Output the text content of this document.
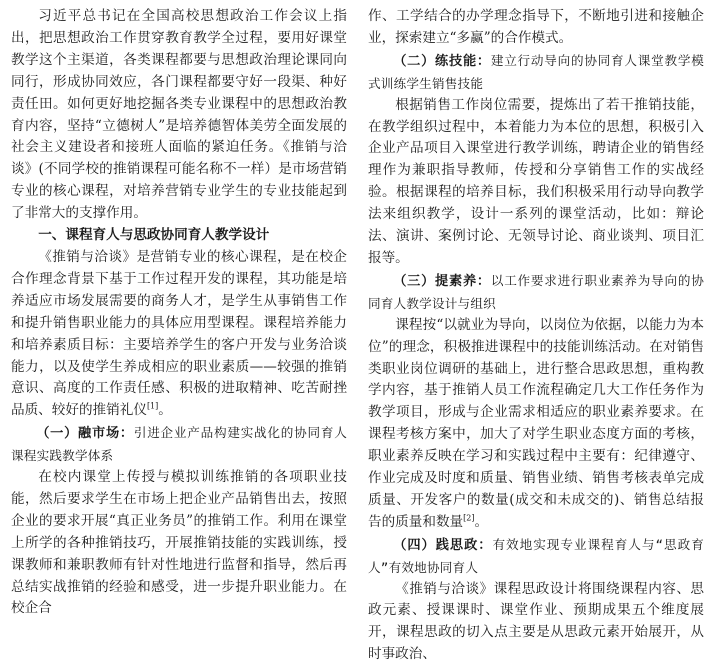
习近平总书记在全国高校思想政治工作会议上指出，把思想政治工作贯穿教育教学全过程，要用好课堂教学这个主渠道，各类课程都要与思想政治理论课同向同行，形成协同效应，各门课程都要守好一段渠、种好责任田。如何更好地挖掘各类专业课程中的思想政治教育内容，坚持“立德树人”是培养德智体美劳全面发展的社会主义建设者和接班人面临的紧迫任务。《推销与洽谈》(不同学校的推销课程可能名称不一样）是市场营销专业的核心课程，对培养营销专业学生的专业技能起到了非常大的支撑作用。

一、课程育人与思政协同育人教学设计

《推销与洽谈》是营销专业的核心课程，是在校企合作理念背景下基于工作过程开发的课程，其功能是培养适应市场发展需要的商务人才，是学生从事销售工作和提升销售职业能力的具体应用型课程。课程培养能力和培养素质目标：主要培养学生的客户开发与业务洽谈能力，以及使学生养成相应的职业素质——较强的推销意识、高度的工作责任感、积极的进取精神、吃苦耐挫品质、较好的推销礼仪[1]。

（一）融市场：引进企业产品构建实战化的协同育人课程实践教学体系

在校内课堂上传授与模拟训练推销的各项职业技能，然后要求学生在市场上把企业产品销售出去，按照企业的要求开展“真正业务员”的推销工作。利用在课堂上所学的各种推销技巧，开展推销技能的实践训练，授课教师和兼职教师有针对性地进行监督和指导，然后再总结实战推销的经验和感受，进一步提升职业能力。在校企合

作、工学结合的办学理念指导下，不断地引进和接触企业，探索建立“多赢”的合作模式。

（二）练技能：建立行动导向的协同育人课堂教学模式训练学生销售技能

根据销售工作岗位需要，提炼出了若干推销技能，在教学组织过程中，本着能力为本位的思想，积极引入企业产品项目入课堂进行教学训练，聘请企业的销售经理作为兼职指导教师，传授和分享销售工作的实战经验。根据课程的培养目标，我们积极采用行动导向教学法来组织教学，设计一系列的课堂活动，比如：辩论法、演讲、案例讨论、无领导讨论、商业谈判、项目汇报等。

（三）提素养：以工作要求进行职业素养为导向的协同育人教学设计与组织

课程按“以就业为导向，以岗位为依据，以能力为本位”的理念，积极推进课程中的技能训练活动。在对销售类职业岗位调研的基础上，进行整合思政思想，重构教学内容，基于推销人员工作流程确定几大工作任务作为教学项目，形成与企业需求相适应的职业素养要求。在课程考核方案中，加大了对学生职业态度方面的考核，职业素养反映在学习和实践过程中主要有：纪律遵守、作业完成及时度和质量、销售业绩、销售考核表单完成质量、开发客户的数量(成交和未成交的)、销售总结报告的质量和数量[2]。

（四）践思政：有效地实现专业课程育人与“思政育人”有效地协同育人

《推销与洽谈》课程思政设计将围绕课程内容、思政元素、授课课时、课堂作业、预期成果五个维度展开，课程思政的切入点主要是从思政元素开始展开，从时事政治、
